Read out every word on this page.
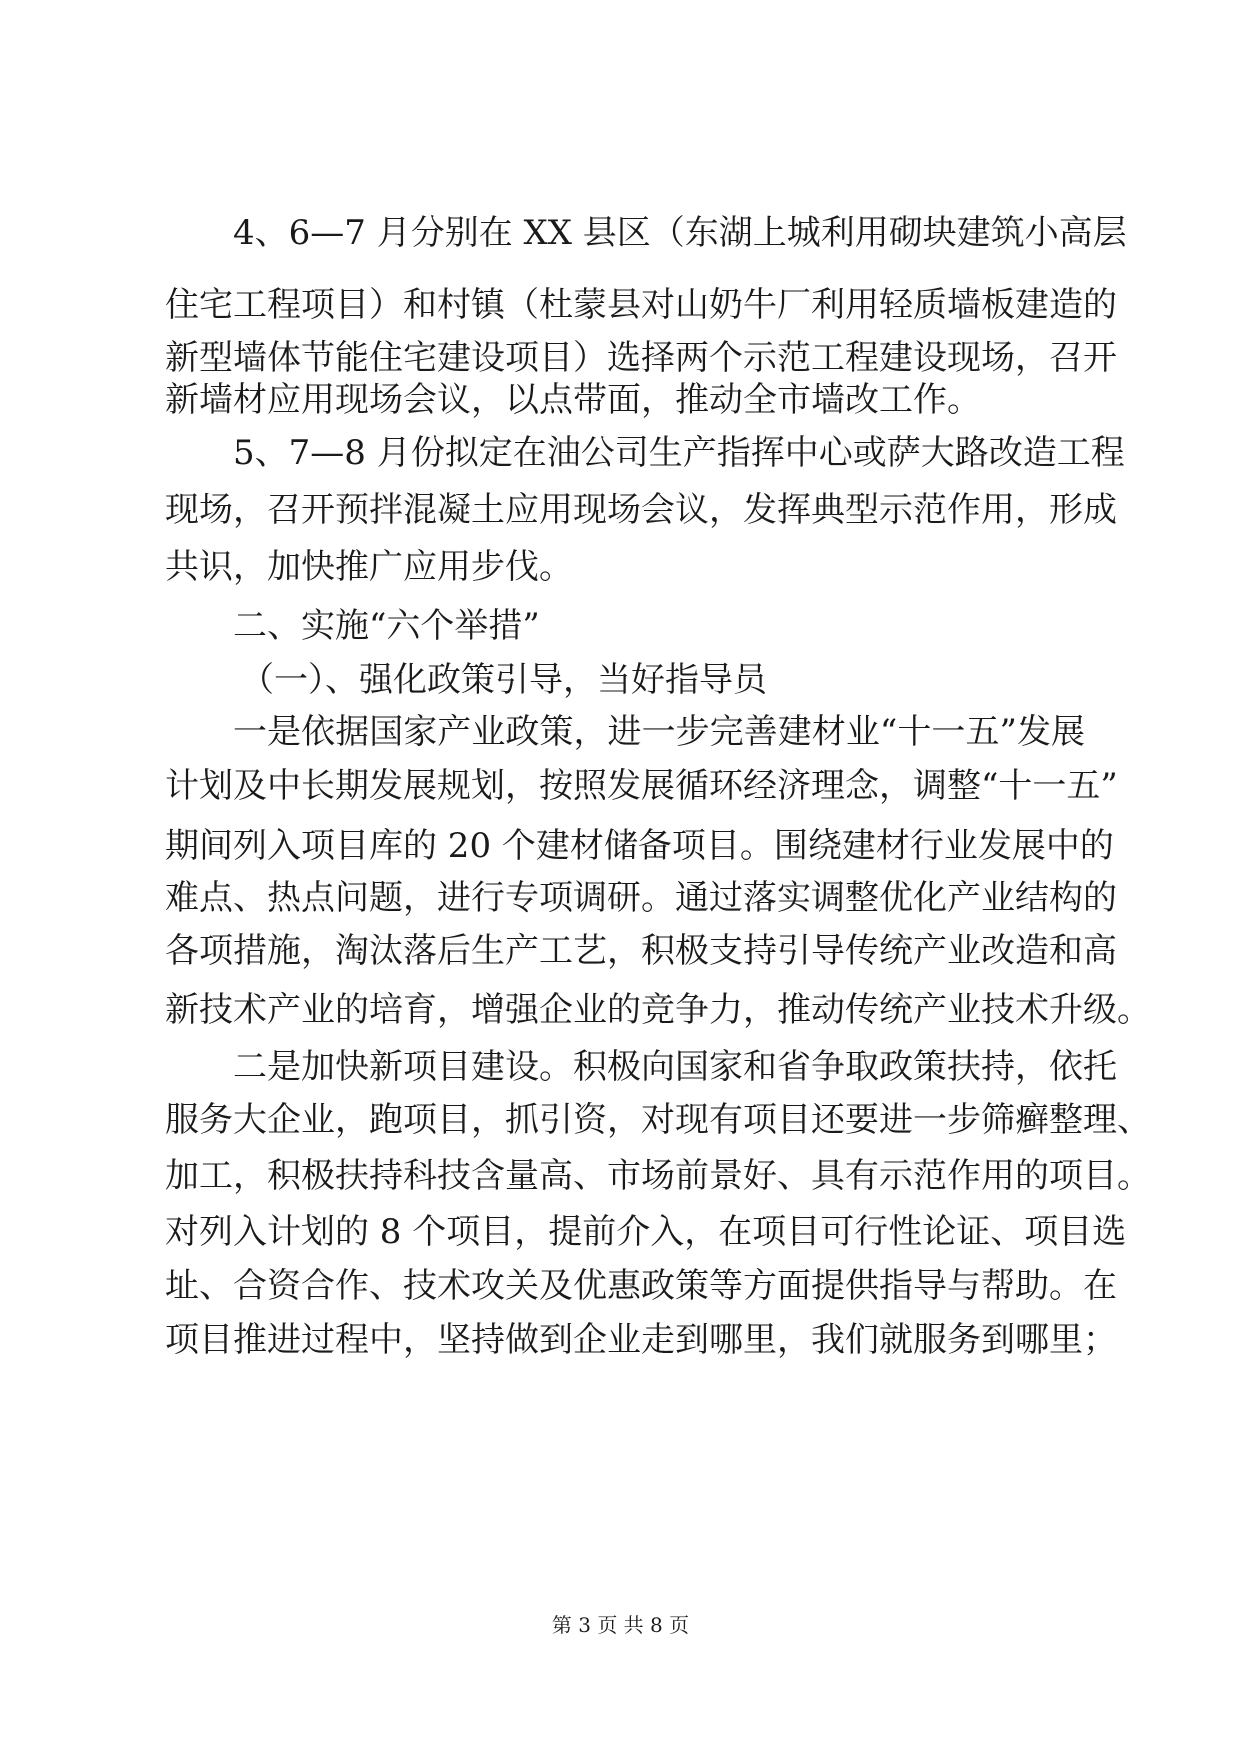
4、6—7 月分别在 XX 县区（东湖上城利用砌块建筑小高层
住宅工程项目）和村镇（杜蒙县对山奶牛厂利用轻质墙板建造的
新型墙体节能住宅建设项目）选择两个示范工程建设现场，召开
新墙材应用现场会议，以点带面，推动全市墙改工作。
5、7—8 月份拟定在油公司生产指挥中心或萨大路改造工程
现场，召开预拌混凝土应用现场会议，发挥典型示范作用，形成
共识，加快推广应用步伐。
二、实施“六个举措”
（一）、强化政策引导，当好指导员
一是依据国家产业政策，进一步完善建材业“十一五”发展
计划及中长期发展规划，按照发展循环经济理念，调整“十一五”
期间列入项目库的 20 个建材储备项目。围绕建材行业发展中的
难点、热点问题，进行专项调研。通过落实调整优化产业结构的
各项措施，淘汰落后生产工艺，积极支持引导传统产业改造和高
新技术产业的培育，增强企业的竞争力，推动传统产业技术升级。
二是加快新项目建设。积极向国家和省争取政策扶持，依托
服务大企业，跑项目，抓引资，对现有项目还要进一步筛癣整理、
加工，积极扶持科技含量高、市场前景好、具有示范作用的项目。
对列入计划的 8 个项目，提前介入，在项目可行性论证、项目选
址、合资合作、技术攻关及优惠政策等方面提供指导与帮助。在
项目推进过程中，坚持做到企业走到哪里，我们就服务到哪里；
第 3 页 共 8 页
